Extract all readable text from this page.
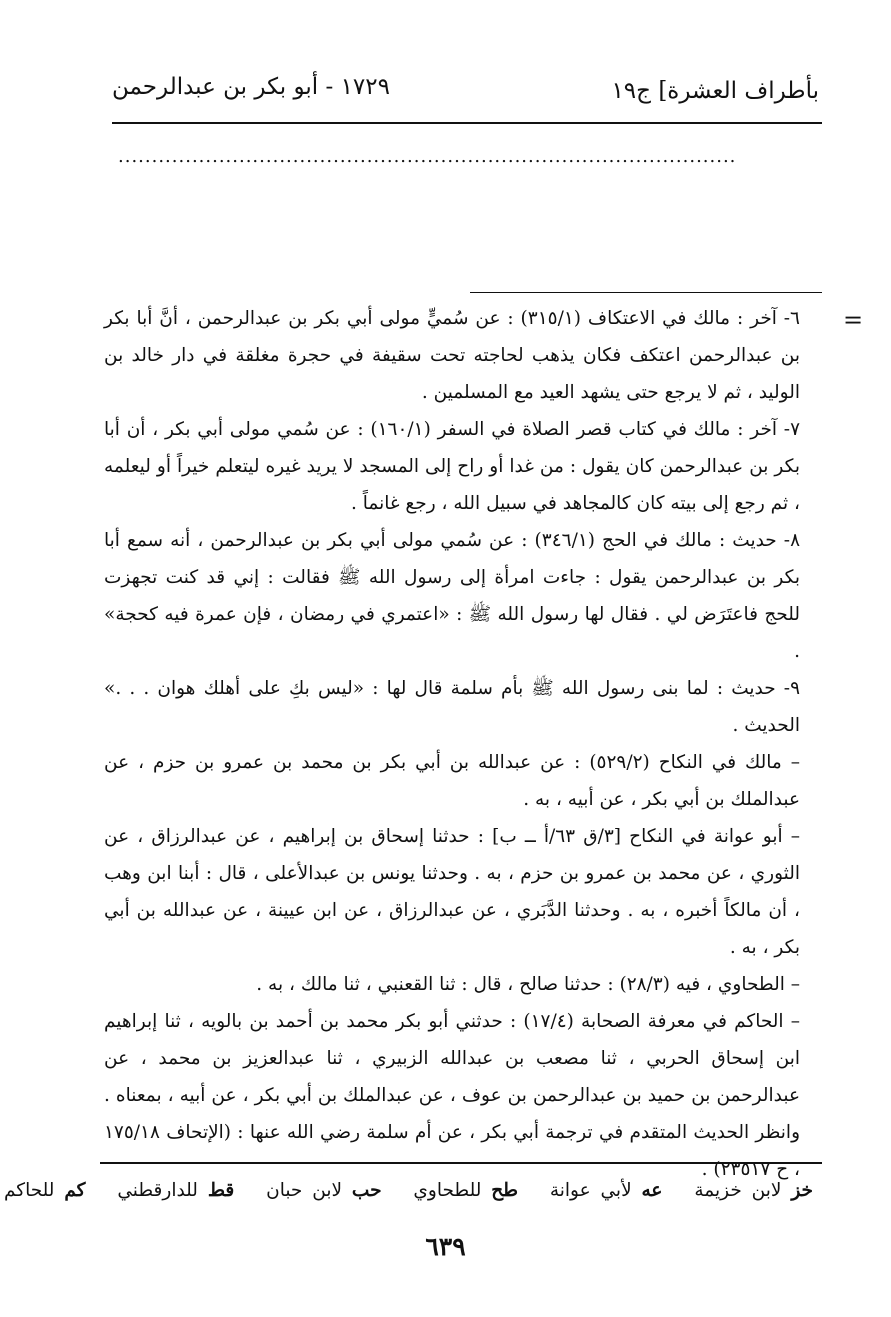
بأطراف العشرة] ج١٩
١٧٢٩ - أبو بكر بن عبدالرحمن
............................................................................................
=

٦- آخر : مالك في الاعتكاف (٣١٥/١) : عن سُميٍّ مولى أبي بكر بن عبدالرحمن ، أنَّ أبا بكر بن عبدالرحمن اعتكف فكان يذهب لحاجته تحت سقيفة في حجرة مغلقة في دار خالد بن الوليد ، ثم لا يرجع حتى يشهد العيد مع المسلمين .

٧- آخر : مالك في كتاب قصر الصلاة في السفر (١٦٠/١) : عن سُمي مولى أبي بكر ، أن أبا بكر بن عبدالرحمن كان يقول : من غدا أو راح إلى المسجد لا يريد غيره ليتعلم خيراً أو ليعلمه ، ثم رجع إلى بيته كان كالمجاهد في سبيل الله ، رجع غانماً .

٨- حديث : مالك في الحج (٣٤٦/١) : عن سُمي مولى أبي بكر بن عبدالرحمن ، أنه سمع أبا بكر بن عبدالرحمن يقول : جاءت امرأة إلى رسول الله ﷺ فقالت : إني قد كنت تجهزت للحج فاعتَرَض لي . فقال لها رسول الله ﷺ : «اعتمري في رمضان ، فإن عمرة فيه كحجة» .

٩- حديث : لما بنى رسول الله ﷺ بأم سلمة قال لها : «ليس بكِ على أهلك هوان . . .» الحديث .

– مالك في النكاح (٥٢٩/٢) : عن عبدالله بن أبي بكر بن محمد بن عمرو بن حزم ، عن عبدالملك بن أبي بكر ، عن أبيه ، به .

– أبو عوانة في النكاح [٣/ق ٦٣/أ ــ ب] : حدثنا إسحاق بن إبراهيم ، عن عبدالرزاق ، عن الثوري ، عن محمد بن عمرو بن حزم ، به . وحدثنا يونس بن عبدالأعلى ، قال : أبنا ابن وهب ، أن مالكاً أخبره ، به . وحدثنا الدَّبَري ، عن عبدالرزاق ، عن ابن عيينة ، عن عبدالله بن أبي بكر ، به .

– الطحاوي ، فيه (٢٨/٣) : حدثنا صالح ، قال : ثنا القعنبي ، ثنا مالك ، به .

– الحاكم في معرفة الصحابة (١٧/٤) : حدثني أبو بكر محمد بن أحمد بن بالويه ، ثنا إبراهيم ابن إسحاق الحربي ، ثنا مصعب بن عبدالله الزبيري ، ثنا عبدالعزيز بن محمد ، عن عبدالرحمن بن حميد بن عبدالرحمن بن عوف ، عن عبدالملك بن أبي بكر ، عن أبيه ، بمعناه . وانظر الحديث المتقدم في ترجمة أبي بكر ، عن أم سلمة رضي الله عنها : (الإتحاف ١٧٥/١٨ ، ح ٢٣٥١٧) .

خز لابن خزيمة عه لأبي عوانة طح للطحاوي حب لابن حبان قط للدارقطني كم للحاكم
٦٣٩
